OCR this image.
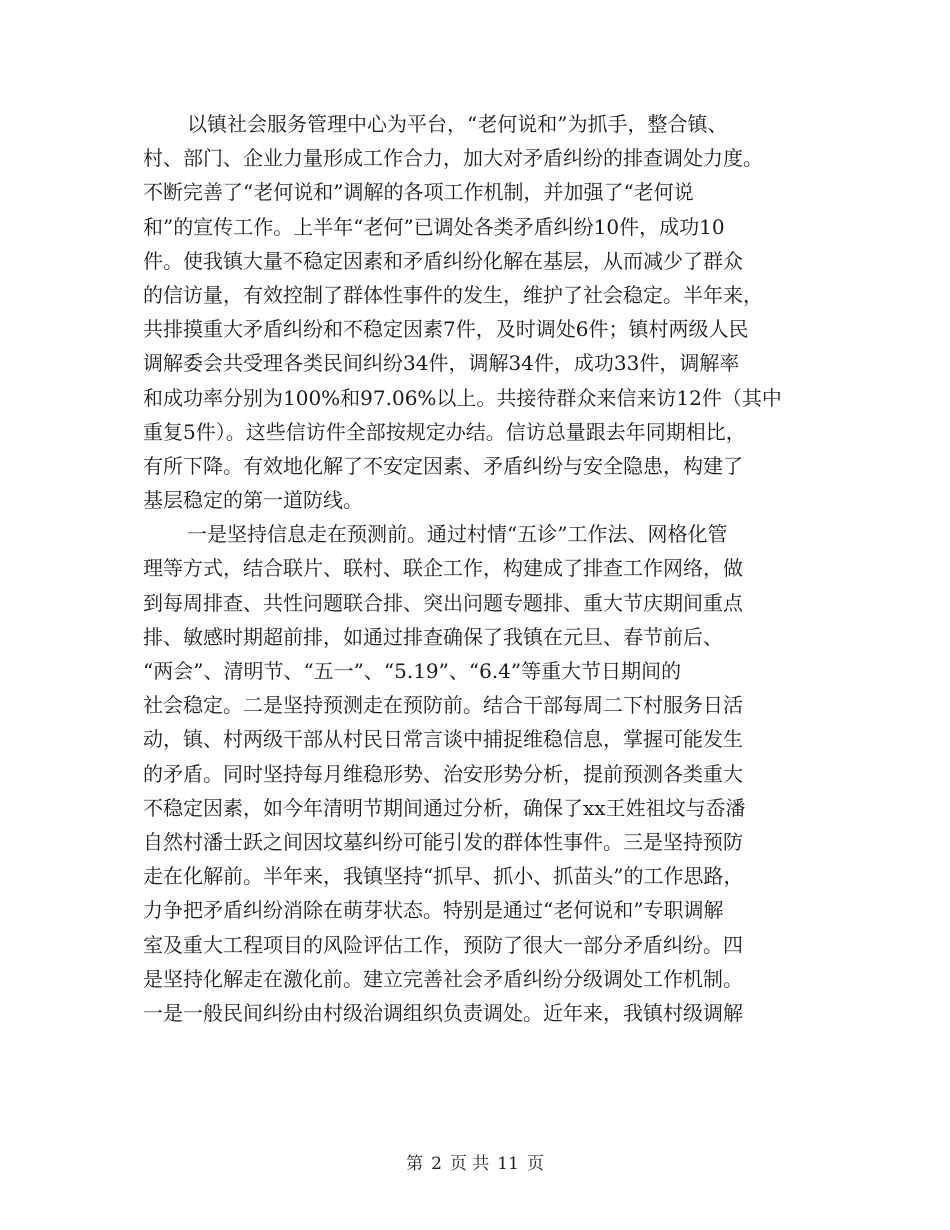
以镇社会服务管理中心为平台，“老何说和”为抓手，整合镇、
村、部门、企业力量形成工作合力，加大对矛盾纠纷的排查调处力度。
不断完善了“老何说和”调解的各项工作机制，并加强了“老何说
和”的宣传工作。上半年“老何”已调处各类矛盾纠纷10件，成功10
件。使我镇大量不稳定因素和矛盾纠纷化解在基层，从而减少了群众
的信访量，有效控制了群体性事件的发生，维护了社会稳定。半年来，
共排摸重大矛盾纠纷和不稳定因素7件，及时调处6件；镇村两级人民
调解委会共受理各类民间纠纷34件，调解34件，成功33件，调解率
和成功率分别为100%和97.06%以上。共接待群众来信来访12件（其中
重复5件）。这些信访件全部按规定办结。信访总量跟去年同期相比，
有所下降。有效地化解了不安定因素、矛盾纠纷与安全隐患，构建了
基层稳定的第一道防线。
一是坚持信息走在预测前。通过村情“五诊”工作法、网格化管
理等方式，结合联片、联村、联企工作，构建成了排查工作网络，做
到每周排查、共性问题联合排、突出问题专题排、重大节庆期间重点
排、敏感时期超前排，如通过排查确保了我镇在元旦、春节前后、
“两会”、清明节、“五一”、“5.19”、“6.4”等重大节日期间的
社会稳定。二是坚持预测走在预防前。结合干部每周二下村服务日活
动，镇、村两级干部从村民日常言谈中捕捉维稳信息，掌握可能发生
的矛盾。同时坚持每月维稳形势、治安形势分析，提前预测各类重大
不稳定因素，如今年清明节期间通过分析，确保了xx王姓祖坟与岙潘
自然村潘士跃之间因坟墓纠纷可能引发的群体性事件。三是坚持预防
走在化解前。半年来，我镇坚持“抓早、抓小、抓苗头”的工作思路，
力争把矛盾纠纷消除在萌芽状态。特别是通过“老何说和”专职调解
室及重大工程项目的风险评估工作，预防了很大一部分矛盾纠纷。四
是坚持化解走在激化前。建立完善社会矛盾纠纷分级调处工作机制。
一是一般民间纠纷由村级治调组织负责调处。近年来，我镇村级调解
第 2 页 共 11 页
